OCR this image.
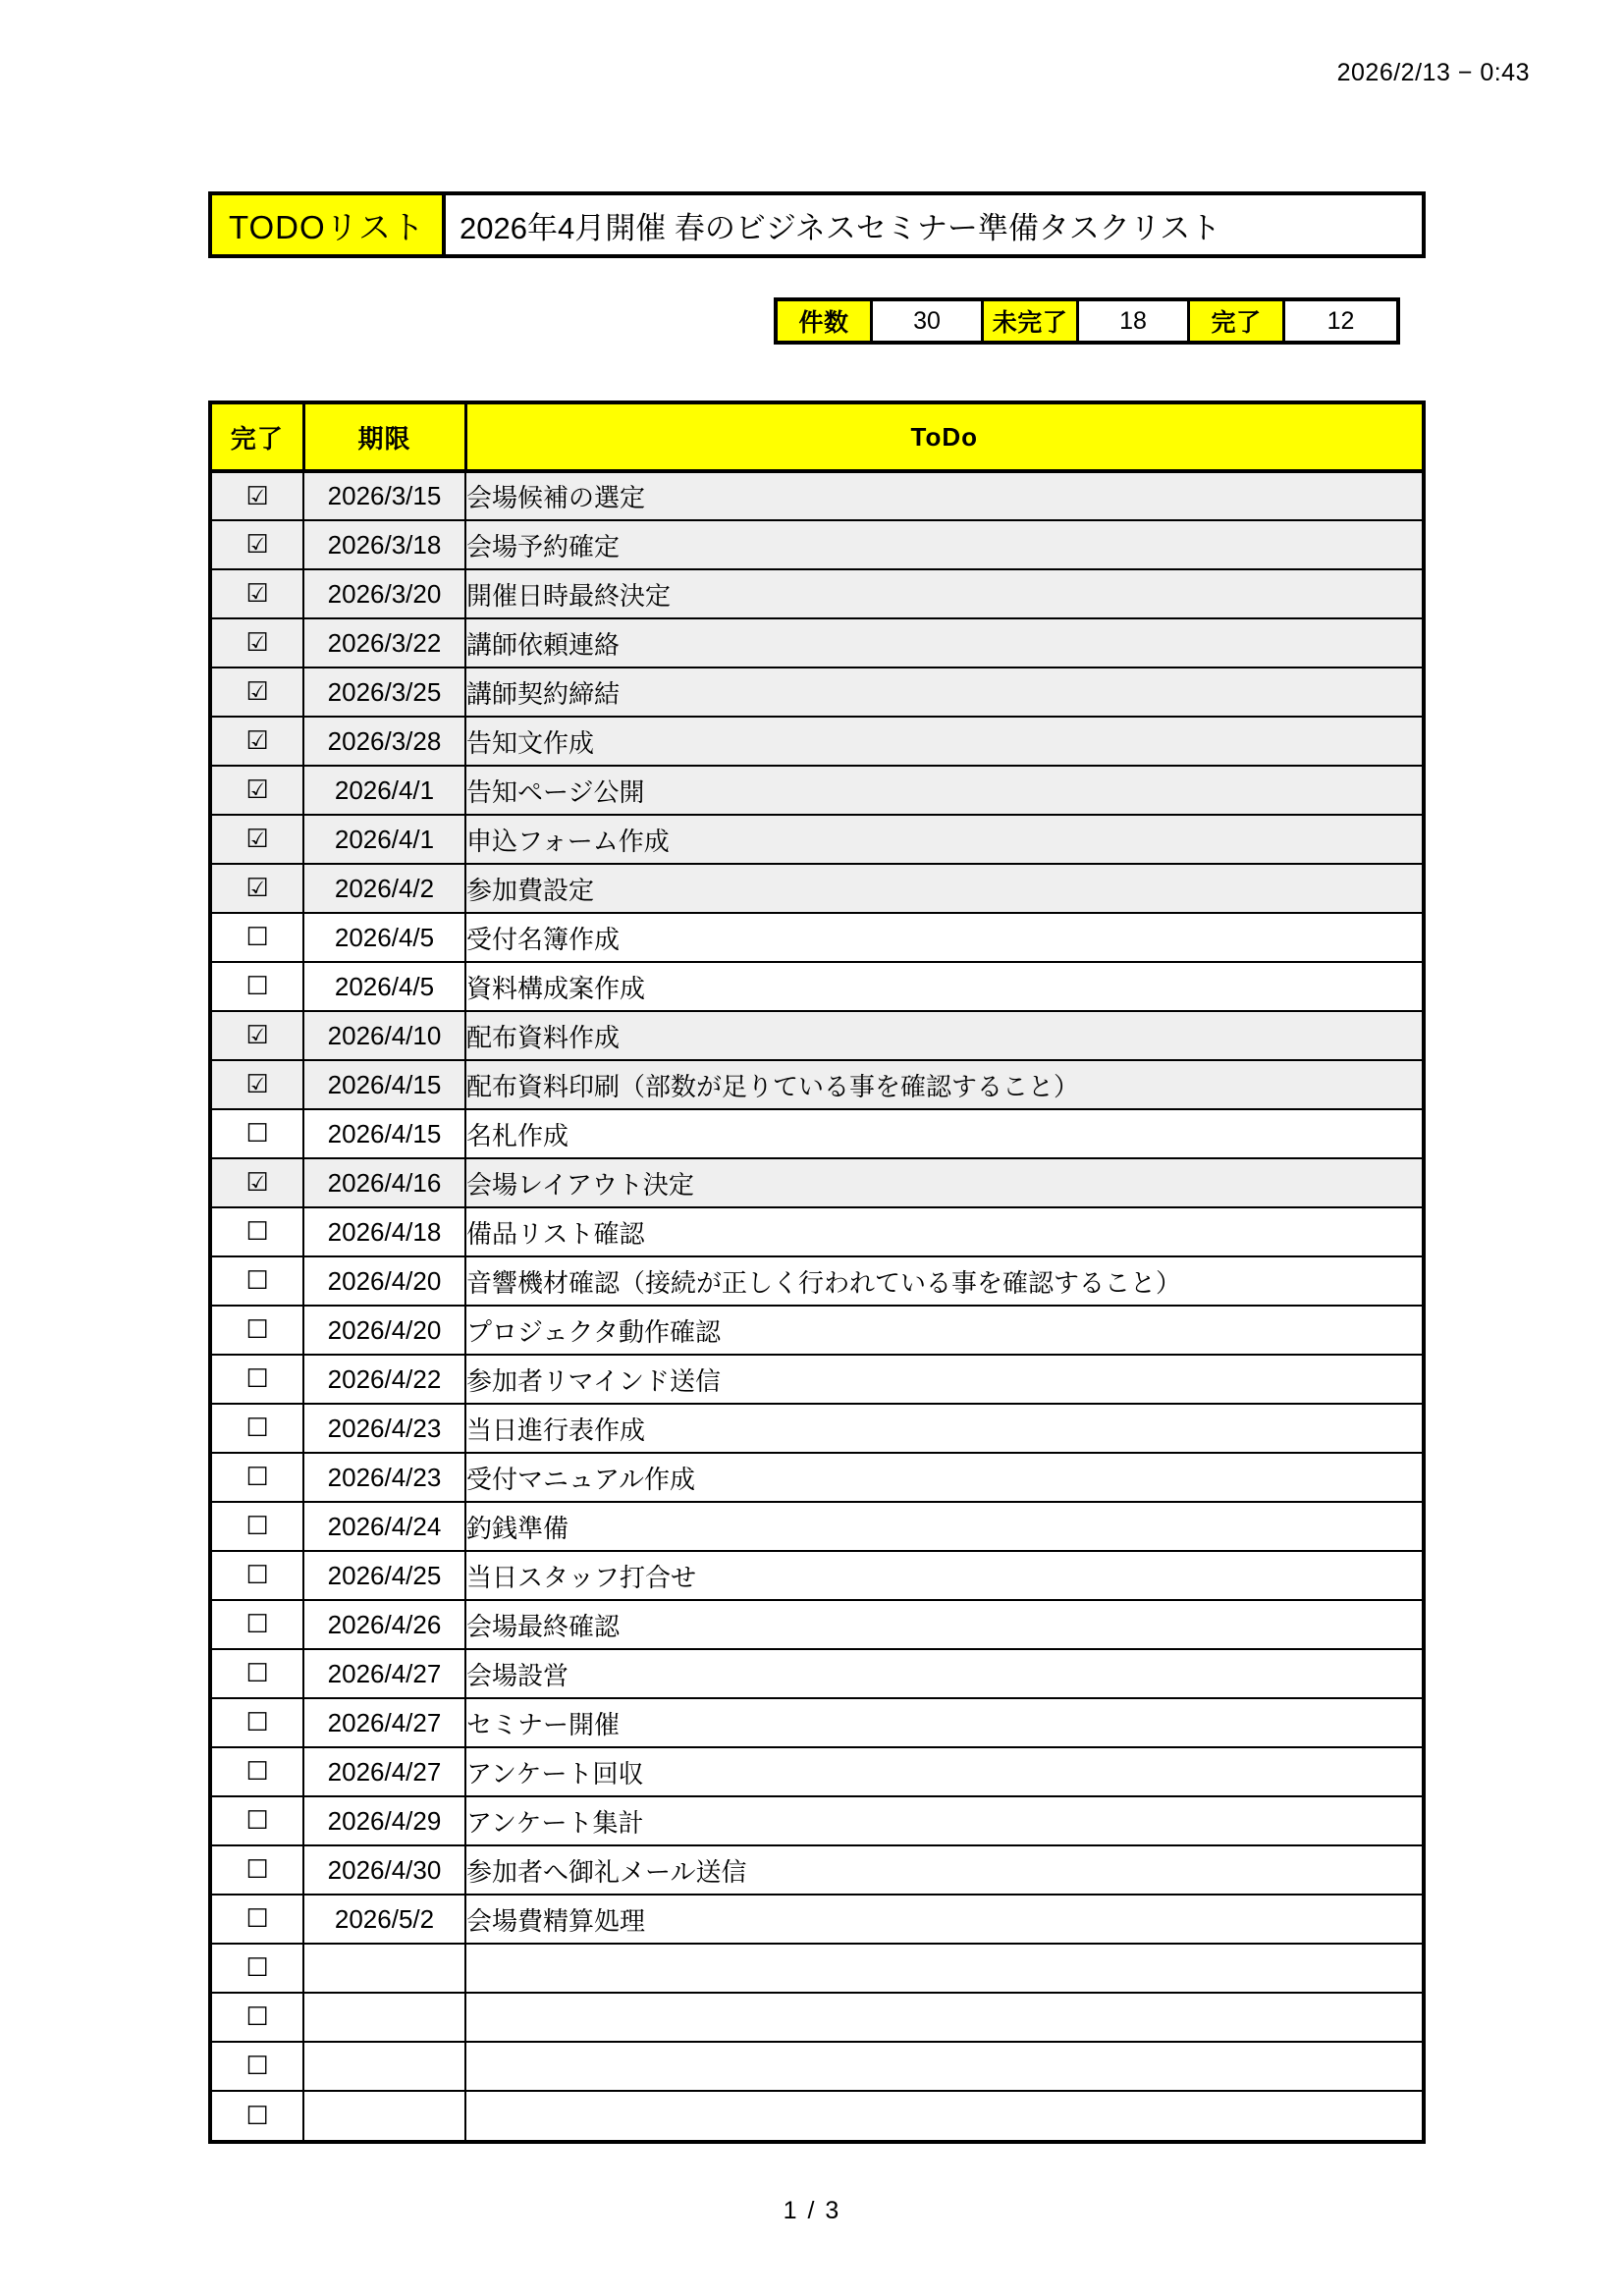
2026/2/13 − 0:43
TODOリスト	2026年4月開催 春のビジネスセミナー準備タスクリスト
件数	30	未完了	18	完了	12
完了	期限	ToDo
☑	2026/3/15	会場候補の選定
☑	2026/3/18	会場予約確定
☑	2026/3/20	開催日時最終決定
☑	2026/3/22	講師依頼連絡
☑	2026/3/25	講師契約締結
☑	2026/3/28	告知文作成
☑	2026/4/1	告知ページ公開
☑	2026/4/1	申込フォーム作成
☑	2026/4/2	参加費設定
☐	2026/4/5	受付名簿作成
☐	2026/4/5	資料構成案作成
☑	2026/4/10	配布資料作成
☑	2026/4/15	配布資料印刷（部数が足りている事を確認すること）
☐	2026/4/15	名札作成
☑	2026/4/16	会場レイアウト決定
☐	2026/4/18	備品リスト確認
☐	2026/4/20	音響機材確認（接続が正しく行われている事を確認すること）
☐	2026/4/20	プロジェクタ動作確認
☐	2026/4/22	参加者リマインド送信
☐	2026/4/23	当日進行表作成
☐	2026/4/23	受付マニュアル作成
☐	2026/4/24	釣銭準備
☐	2026/4/25	当日スタッフ打合せ
☐	2026/4/26	会場最終確認
☐	2026/4/27	会場設営
☐	2026/4/27	セミナー開催
☐	2026/4/27	アンケート回収
☐	2026/4/29	アンケート集計
☐	2026/4/30	参加者へ御礼メール送信
☐	2026/5/2	会場費精算処理
☐		
☐		
☐		
☐		
1 / 3
